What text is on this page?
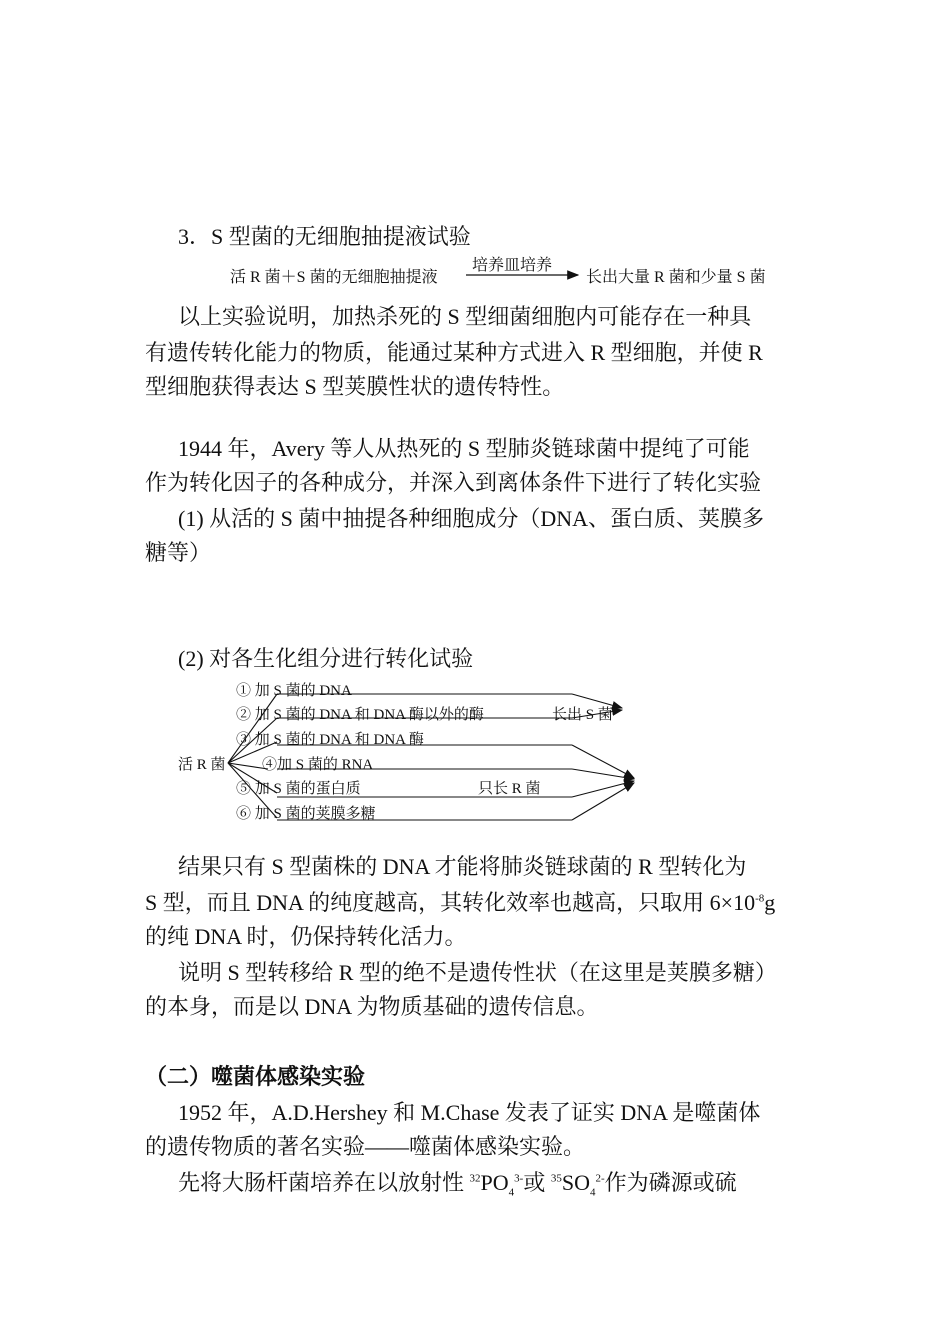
3．S 型菌的无细胞抽提液试验
活 R 菌＋S 菌的无细胞抽提液
培养皿培养
长出大量 R 菌和少量 S 菌
以上实验说明，加热杀死的 S 型细菌细胞内可能存在一种具
有遗传转化能力的物质，能通过某种方式进入 R 型细胞，并使 R
型细胞获得表达 S 型荚膜性状的遗传特性。
1944 年，Avery 等人从热死的 S 型肺炎链球菌中提纯了可能
作为转化因子的各种成分，并深入到离体条件下进行了转化实验
(1) 从活的 S 菌中抽提各种细胞成分（DNA、蛋白质、荚膜多
糖等）
(2) 对各生化组分进行转化试验
活 R 菌
① 加 S 菌的 DNA
② 加 S 菌的 DNA 和 DNA 酶以外的酶
③ 加 S 菌的 DNA 和 DNA 酶
④加 S 菌的 RNA
⑤ 加 S 菌的蛋白质
⑥ 加 S 菌的荚膜多糖
长出 S 菌
只长 R 菌
结果只有 S 型菌株的 DNA 才能将肺炎链球菌的 R 型转化为
S 型，而且 DNA 的纯度越高，其转化效率也越高，只取用 $6\times 10^{-8}g$
的纯 DNA 时，仍保持转化活力。
说明 S 型转移给 R 型的绝不是遗传性状（在这里是荚膜多糖）
的本身，而是以 DNA 为物质基础的遗传信息。
（二）噬菌体感染实验
1952 年，A.D.Hershey 和 M.Chase 发表了证实 DNA 是噬菌体
的遗传物质的著名实验——噬菌体感染实验。
先将大肠杆菌培养在以放射性 $^{32}PO_4^{3-}$或 $^{35}SO_4^{2-}$作为磷源或硫
